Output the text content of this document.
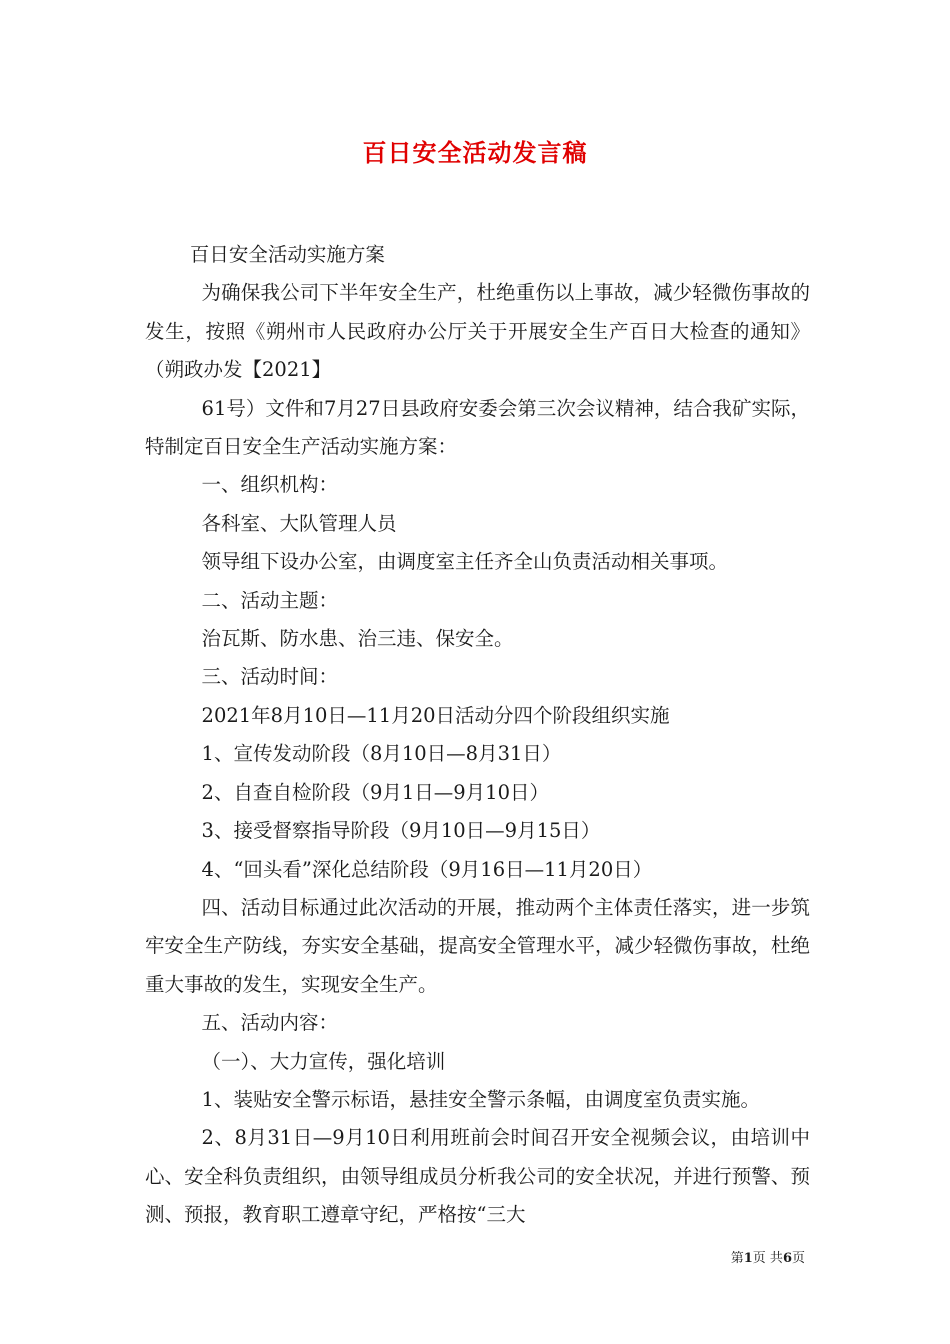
百日安全活动发言稿

百日安全活动实施方案

为确保我公司下半年安全生产，杜绝重伤以上事故，减少轻微伤事故的发生，按照《朔州市人民政府办公厅关于开展安全生产百日大检查的通知》（朔政办发【2021】

61号）文件和7月27日县政府安委会第三次会议精神，结合我矿实际，特制定百日安全生产活动实施方案：

一、组织机构：

各科室、大队管理人员

领导组下设办公室，由调度室主任齐全山负责活动相关事项。

二、活动主题：

治瓦斯、防水患、治三违、保安全。

三、活动时间：

2021年8月10日—11月20日活动分四个阶段组织实施

1、宣传发动阶段（8月10日—8月31日）

2、自查自检阶段（9月1日—9月10日）

3、接受督察指导阶段（9月10日—9月15日）

4、“回头看”深化总结阶段（9月16日—11月20日）

四、活动目标通过此次活动的开展，推动两个主体责任落实，进一步筑牢安全生产防线，夯实安全基础，提高安全管理水平，减少轻微伤事故，杜绝重大事故的发生，实现安全生产。

五、活动内容：

（一）、大力宣传，强化培训

1、装贴安全警示标语，悬挂安全警示条幅，由调度室负责实施。

2、8月31日—9月10日利用班前会时间召开安全视频会议，由培训中心、安全科负责组织，由领导组成员分析我公司的安全状况，并进行预警、预测、预报，教育职工遵章守纪，严格按“三大

第1页 共6页
